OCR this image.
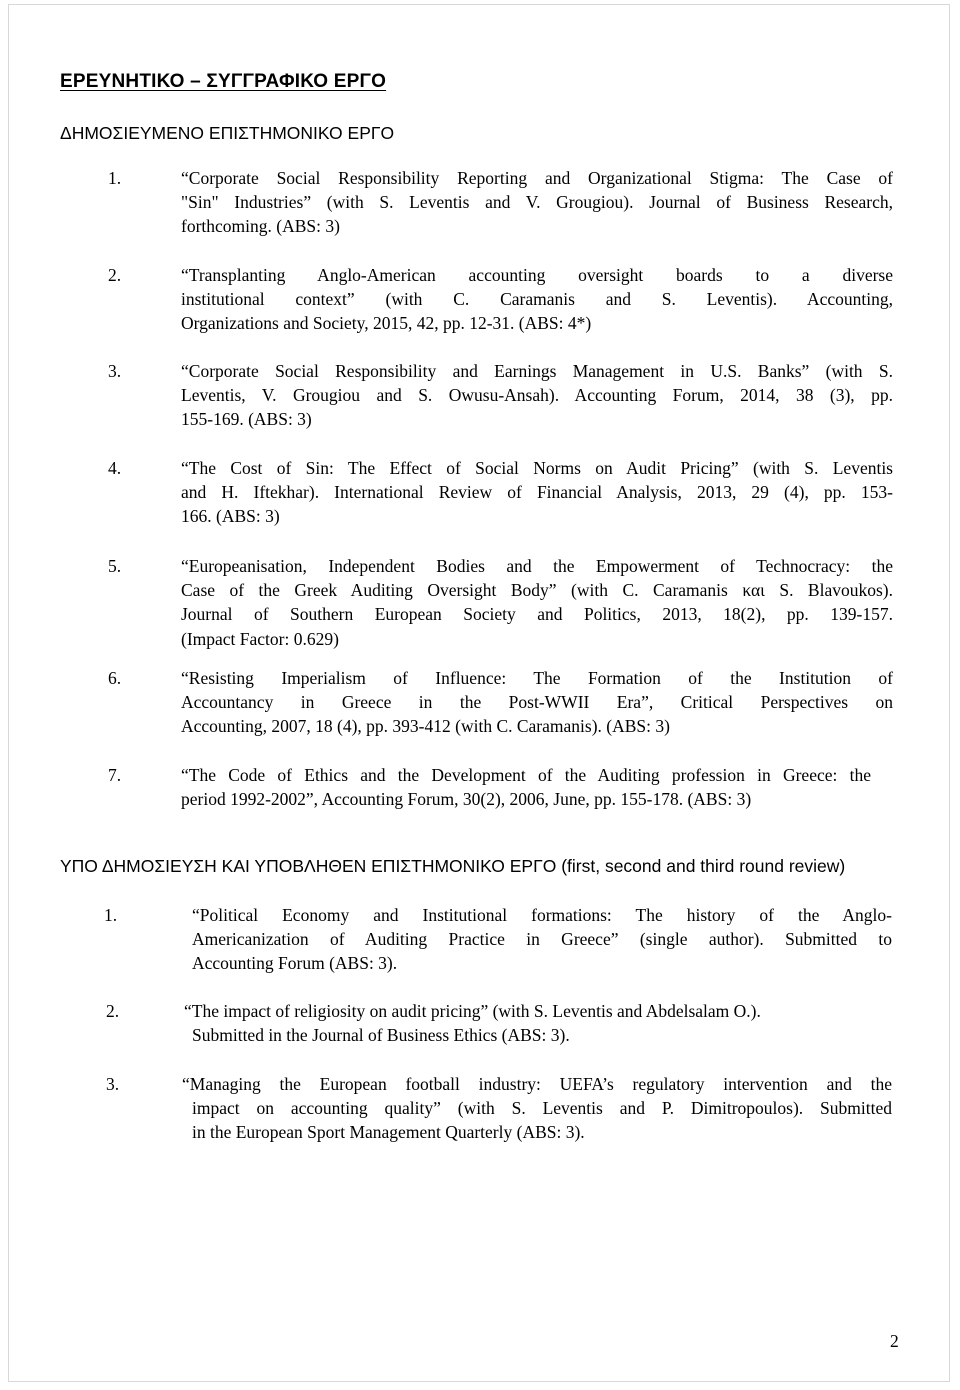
ΕΡΕΥΝΗΤΙΚΟ – ΣΥΓΓΡΑΦΙΚΟ ΕΡΓΟ
ΔΗΜΟΣΙΕΥΜΕΝΟ ΕΠΙΣΤΗΜΟΝΙΚΟ ΕΡΓΟ
1.	“Corporate Social Responsibility Reporting and Organizational Stigma: The Case of
"Sin" Industries” (with S. Leventis and V. Grougiou). Journal of Business Research,
forthcoming. (ABS: 3)
2.	“Transplanting Anglo-American accounting oversight boards to a diverse
institutional context” (with C. Caramanis and S. Leventis). Accounting,
Organizations and Society, 2015, 42, pp. 12-31. (ABS: 4*)
3.	“Corporate Social Responsibility and Earnings Management in U.S. Banks” (with S.
Leventis, V. Grougiou and S. Owusu-Ansah). Accounting Forum, 2014, 38 (3), pp.
155-169. (ABS: 3)
4.	“The Cost of Sin: The Effect of Social Norms on Audit Pricing” (with S. Leventis
and H. Iftekhar). International Review of Financial Analysis, 2013, 29 (4), pp. 153-
166. (ABS: 3)
5.	“Europeanisation, Independent Bodies and the Empowerment of Technocracy: the
Case of the Greek Auditing Oversight Body” (with C. Caramanis και S. Blavoukos).
Journal of Southern European Society and Politics, 2013, 18(2), pp. 139-157.
(Impact Factor: 0.629)
6.	“Resisting Imperialism of Influence: The Formation of the Institution of
Accountancy in Greece in the Post-WWII Era”, Critical Perspectives on
Accounting, 2007, 18 (4), pp. 393-412 (with C. Caramanis). (ABS: 3)
7.	“The Code of Ethics and the Development of the Auditing profession in Greece: the
period 1992-2002”, Accounting Forum, 30(2), 2006, June, pp. 155-178. (ABS: 3)
ΥΠΟ ΔΗΜΟΣΙΕΥΣΗ ΚΑΙ ΥΠΟΒΛΗΘΕΝ ΕΠΙΣΤΗΜΟΝΙΚΟ ΕΡΓΟ (first, second and third round review)
1.	“Political Economy and Institutional formations: The history of the Anglo-
Americanization of Auditing Practice in Greece” (single author). Submitted to
Accounting Forum (ABS: 3).
2.	“The impact of religiosity on audit pricing” (with S. Leventis and Abdelsalam O.).
Submitted in the Journal of Business Ethics (ABS: 3).
3.	“Managing the European football industry: UEFA’s regulatory intervention and the
impact on accounting quality” (with S. Leventis and P. Dimitropoulos). Submitted
in the European Sport Management Quarterly (ABS: 3).
2
